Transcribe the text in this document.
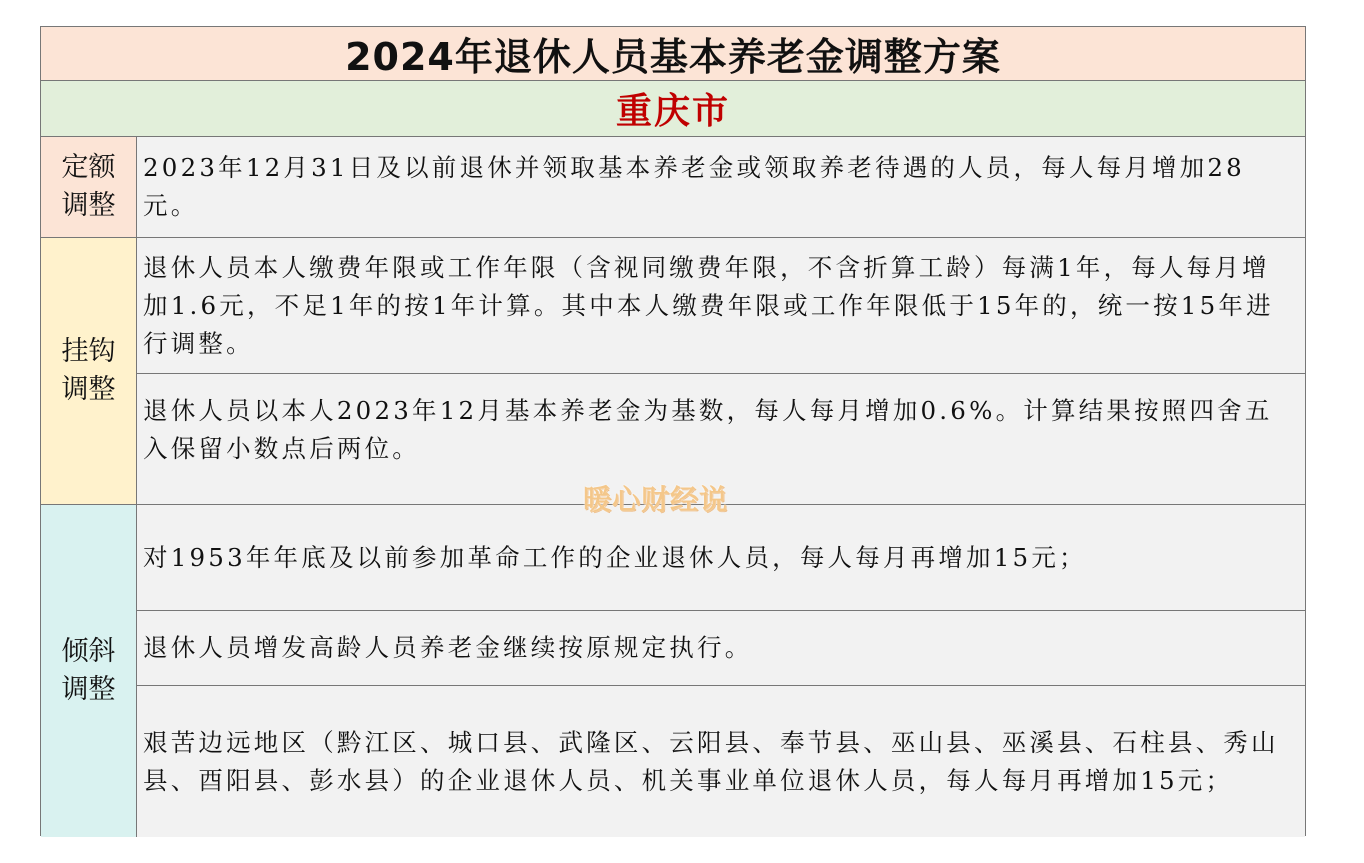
2024年退休人员基本养老金调整方案
重庆市
定额调整
2023年12月31日及以前退休并领取基本养老金或领取养老待遇的人员，每人每月增加28元。
挂钩调整
退休人员本人缴费年限或工作年限（含视同缴费年限，不含折算工龄）每满1年，每人每月增加1.6元，不足1年的按1年计算。其中本人缴费年限或工作年限低于15年的，统一按15年进行调整。
退休人员以本人2023年12月基本养老金为基数，每人每月增加0.6%。计算结果按照四舍五入保留小数点后两位。
倾斜调整
对1953年年底及以前参加革命工作的企业退休人员，每人每月再增加15元；
退休人员增发高龄人员养老金继续按原规定执行。
艰苦边远地区（黔江区、城口县、武隆区、云阳县、奉节县、巫山县、巫溪县、石柱县、秀山县、酉阳县、彭水县）的企业退休人员、机关事业单位退休人员，每人每月再增加15元；
暖心财经说
